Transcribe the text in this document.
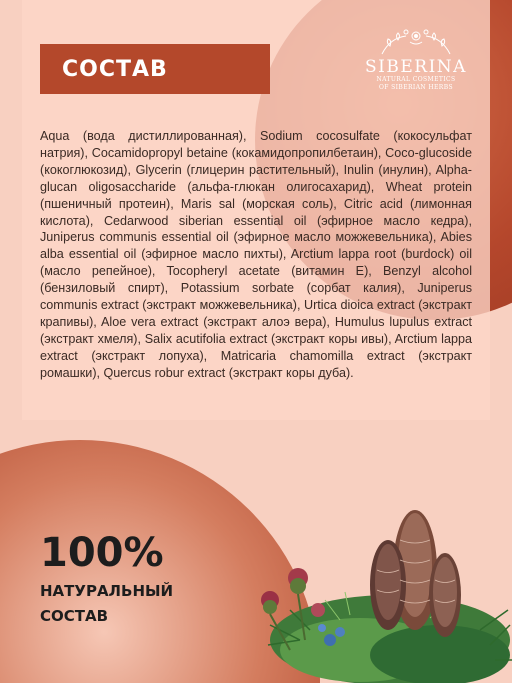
СОСТАВ	SIBERINA
NATURAL COSMETICS
OF SIBERIAN HERBS

Aqua (вода дистиллированная), Sodium cocosulfate (кокосульфат натрия), Cocamidopropyl betaine (кокамидопропилбетаин), Coco-glucoside (кокоглюкозид), Glycerin (глицерин растительный), Inulin (инулин), Alpha-glucan oligosaccharide (альфа-глюкан олигосахарид), Wheat protein (пшеничный протеин), Maris sal (морская соль), Citric acid (лимонная кислота), Cedarwood siberian essential oil (эфирное масло кедра), Juniperus communis essential oil (эфирное масло можжевельника), Abies alba essential oil (эфирное масло пихты), Arctium lappa root (burdock) oil (масло репейное), Tocopheryl acetate (витамин Е), Benzyl alcohol (бензиловый спирт), Potassium sorbate (сорбат калия), Juniperus communis extract (экстракт можжевельника), Urtica dioica extract (экстракт крапивы), Aloe vera extract (экстракт алоэ вера), Humulus lupulus extract (экстракт хмеля), Salix acutifolia extract (экстракт коры ивы), Arctium lappa extract (экстракт лопуха), Matricaria chamomilla extract (экстракт ромашки), Quercus robur extract (экстракт коры дуба).

100%
НАТУРАЛЬНЫЙ
СОСТАВ
